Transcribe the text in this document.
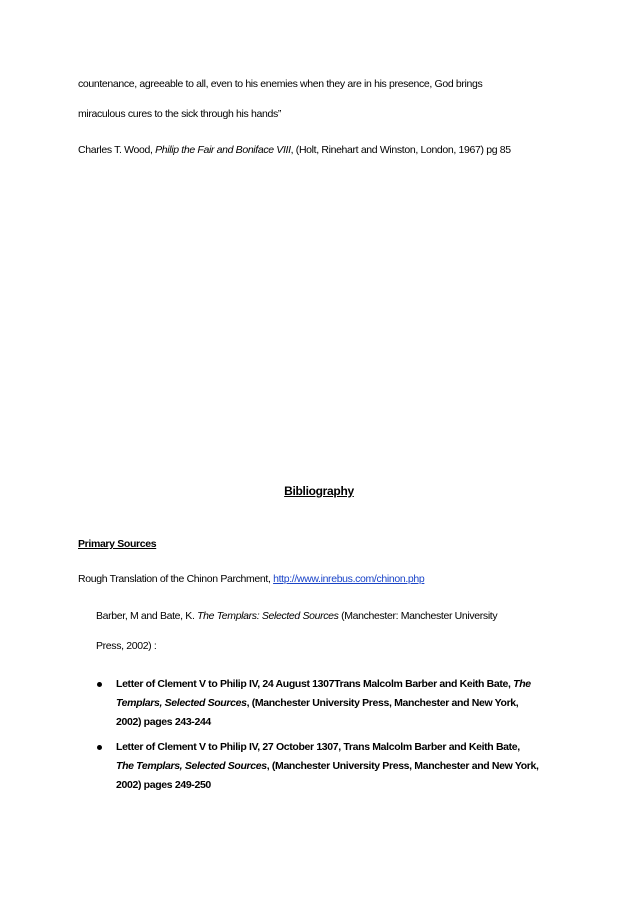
countenance, agreeable to all, even to his enemies when they are in his presence, God brings

miraculous cures to the sick through his hands”

Charles T. Wood, Philip the Fair and Boniface VIII, (Holt, Rinehart and Winston, London, 1967) pg 85

Bibliography

Primary Sources

Rough Translation of the Chinon Parchment, http://www.inrebus.com/chinon.php

Barber, M and Bate, K. The Templars: Selected Sources (Manchester: Manchester University

Press, 2002) :

Letter of Clement V to Philip IV, 24 August 1307Trans Malcolm Barber and Keith Bate, The
Templars, Selected Sources, (Manchester University Press, Manchester and New York,
2002) pages 243-244
Letter of Clement V to Philip IV, 27 October 1307, Trans Malcolm Barber and Keith Bate,
The Templars, Selected Sources, (Manchester University Press, Manchester and New York,
2002) pages 249-250
